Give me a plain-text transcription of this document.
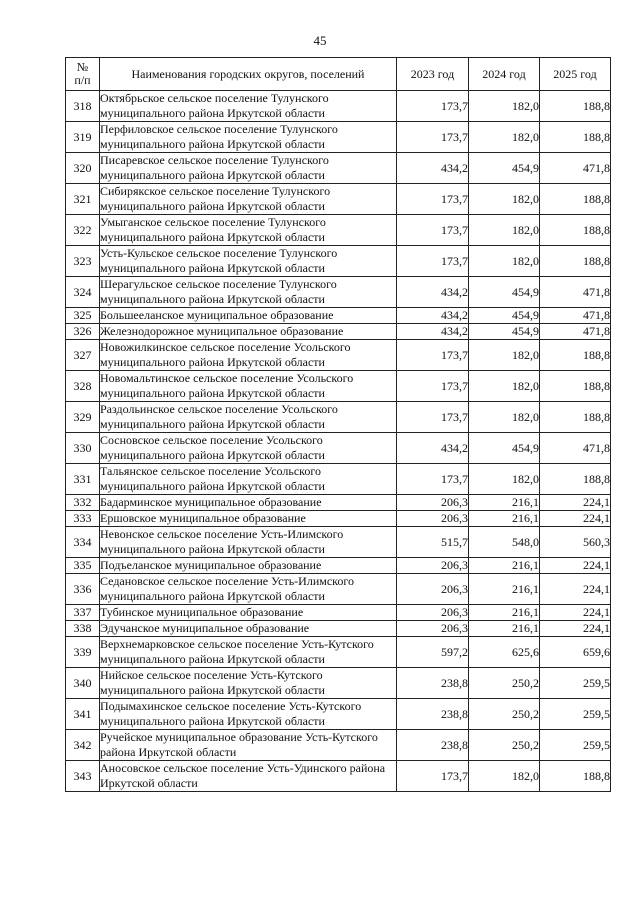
45
№
п/п	Наименования городских округов, поселений	2023 год	2024 год	2025 год
318	Октябрьское сельское поселение Тулунского муниципального района Иркутской области	173,7	182,0	188,8
319	Перфиловское сельское поселение Тулунского муниципального района Иркутской области	173,7	182,0	188,8
320	Писаревское сельское поселение Тулунского муниципального района Иркутской области	434,2	454,9	471,8
321	Сибирякское сельское поселение Тулунского муниципального района Иркутской области	173,7	182,0	188,8
322	Умыганское сельское поселение Тулунского муниципального района Иркутской области	173,7	182,0	188,8
323	Усть-Кульское сельское поселение Тулунского муниципального района Иркутской области	173,7	182,0	188,8
324	Шерагульское сельское поселение Тулунского муниципального района Иркутской области	434,2	454,9	471,8
325	Большееланское муниципальное образование	434,2	454,9	471,8
326	Железнодорожное муниципальное образование	434,2	454,9	471,8
327	Новожилкинское сельское поселение Усольского муниципального района Иркутской области	173,7	182,0	188,8
328	Новомальтинское сельское поселение Усольского муниципального района Иркутской области	173,7	182,0	188,8
329	Раздольинское сельское поселение Усольского муниципального района Иркутской области	173,7	182,0	188,8
330	Сосновское сельское поселение Усольского муниципального района Иркутской области	434,2	454,9	471,8
331	Тальянское сельское поселение Усольского муниципального района Иркутской области	173,7	182,0	188,8
332	Бадарминское муниципальное образование	206,3	216,1	224,1
333	Ершовское муниципальное образование	206,3	216,1	224,1
334	Невонское сельское поселение Усть-Илимского муниципального района Иркутской области	515,7	548,0	560,3
335	Подъеланское муниципальное образование	206,3	216,1	224,1
336	Седановское сельское поселение Усть-Илимского муниципального района Иркутской области	206,3	216,1	224,1
337	Тубинское муниципальное образование	206,3	216,1	224,1
338	Эдучанское муниципальное образование	206,3	216,1	224,1
339	Верхнемарковское сельское поселение Усть-Кутского муниципального района Иркутской области	597,2	625,6	659,6
340	Нийское сельское поселение Усть-Кутского муниципального района Иркутской области	238,8	250,2	259,5
341	Подымахинское сельское поселение Усть-Кутского муниципального района Иркутской области	238,8	250,2	259,5
342	Ручейское муниципальное образование Усть-Кутского района Иркутской области	238,8	250,2	259,5
343	Аносовское сельское поселение Усть-Удинского района Иркутской области	173,7	182,0	188,8
